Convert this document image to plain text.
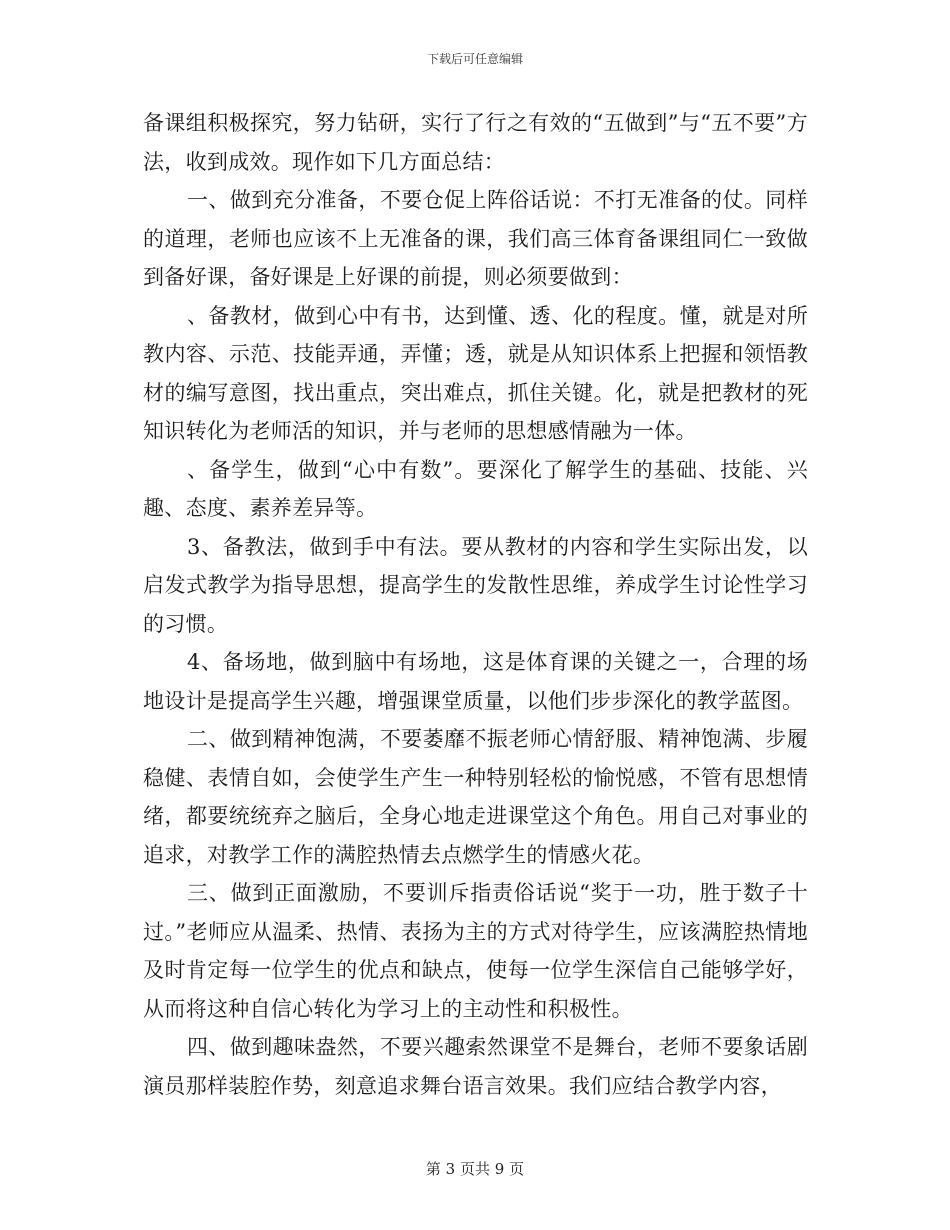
下载后可任意编辑

备课组积极探究，努力钻研，实行了行之有效的“五做到”与“五不要”方法，收到成效。现作如下几方面总结：

一、做到充分准备，不要仓促上阵俗话说：不打无准备的仗。同样的道理，老师也应该不上无准备的课，我们高三体育备课组同仁一致做到备好课，备好课是上好课的前提，则必须要做到：

、备教材，做到心中有书，达到懂、透、化的程度。懂，就是对所教内容、示范、技能弄通，弄懂；透，就是从知识体系上把握和领悟教材的编写意图，找出重点，突出难点，抓住关键。化，就是把教材的死知识转化为老师活的知识，并与老师的思想感情融为一体。

、备学生，做到“心中有数”。要深化了解学生的基础、技能、兴趣、态度、素养差异等。

3、备教法，做到手中有法。要从教材的内容和学生实际出发，以启发式教学为指导思想，提高学生的发散性思维，养成学生讨论性学习的习惯。

4、备场地，做到脑中有场地，这是体育课的关键之一，合理的场地设计是提高学生兴趣，增强课堂质量，以他们步步深化的教学蓝图。

二、做到精神饱满，不要萎靡不振老师心情舒服、精神饱满、步履稳健、表情自如，会使学生产生一种特别轻松的愉悦感，不管有思想情绪，都要统统弃之脑后，全身心地走进课堂这个角色。用自己对事业的追求，对教学工作的满腔热情去点燃学生的情感火花。

三、做到正面激励，不要训斥指责俗话说“奖于一功，胜于数子十过。”老师应从温柔、热情、表扬为主的方式对待学生，应该满腔热情地及时肯定每一位学生的优点和缺点，使每一位学生深信自己能够学好，从而将这种自信心转化为学习上的主动性和积极性。

四、做到趣味盎然，不要兴趣索然课堂不是舞台，老师不要象话剧演员那样装腔作势，刻意追求舞台语言效果。我们应结合教学内容，

第 3 页共 9 页
